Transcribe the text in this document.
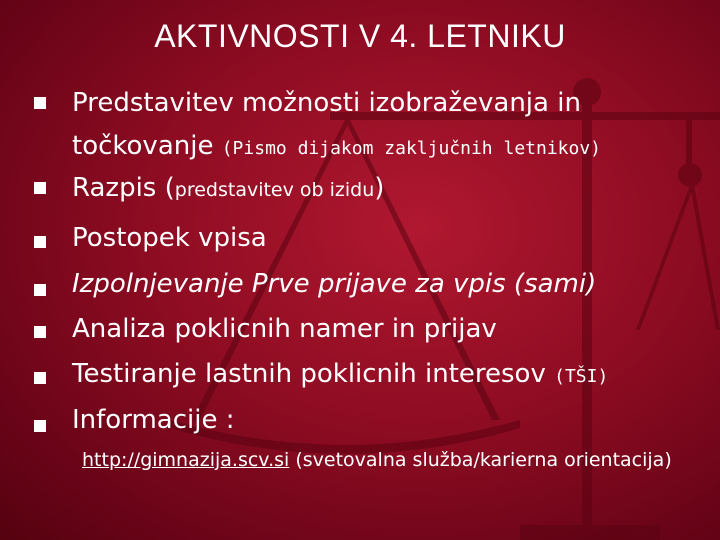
AKTIVNOSTI V 4. LETNIKU
Predstavitev možnosti izobraževanja in
točkovanje (Pismo dijakom zaključnih letnikov)
Razpis (predstavitev ob izidu)
Postopek vpisa
Izpolnjevanje Prve prijave za vpis (sami)
Analiza poklicnih namer in prijav
Testiranje lastnih poklicnih interesov (TŠI)
Informacije :
http://gimnazija.scv.si (svetovalna služba/karierna orientacija)
